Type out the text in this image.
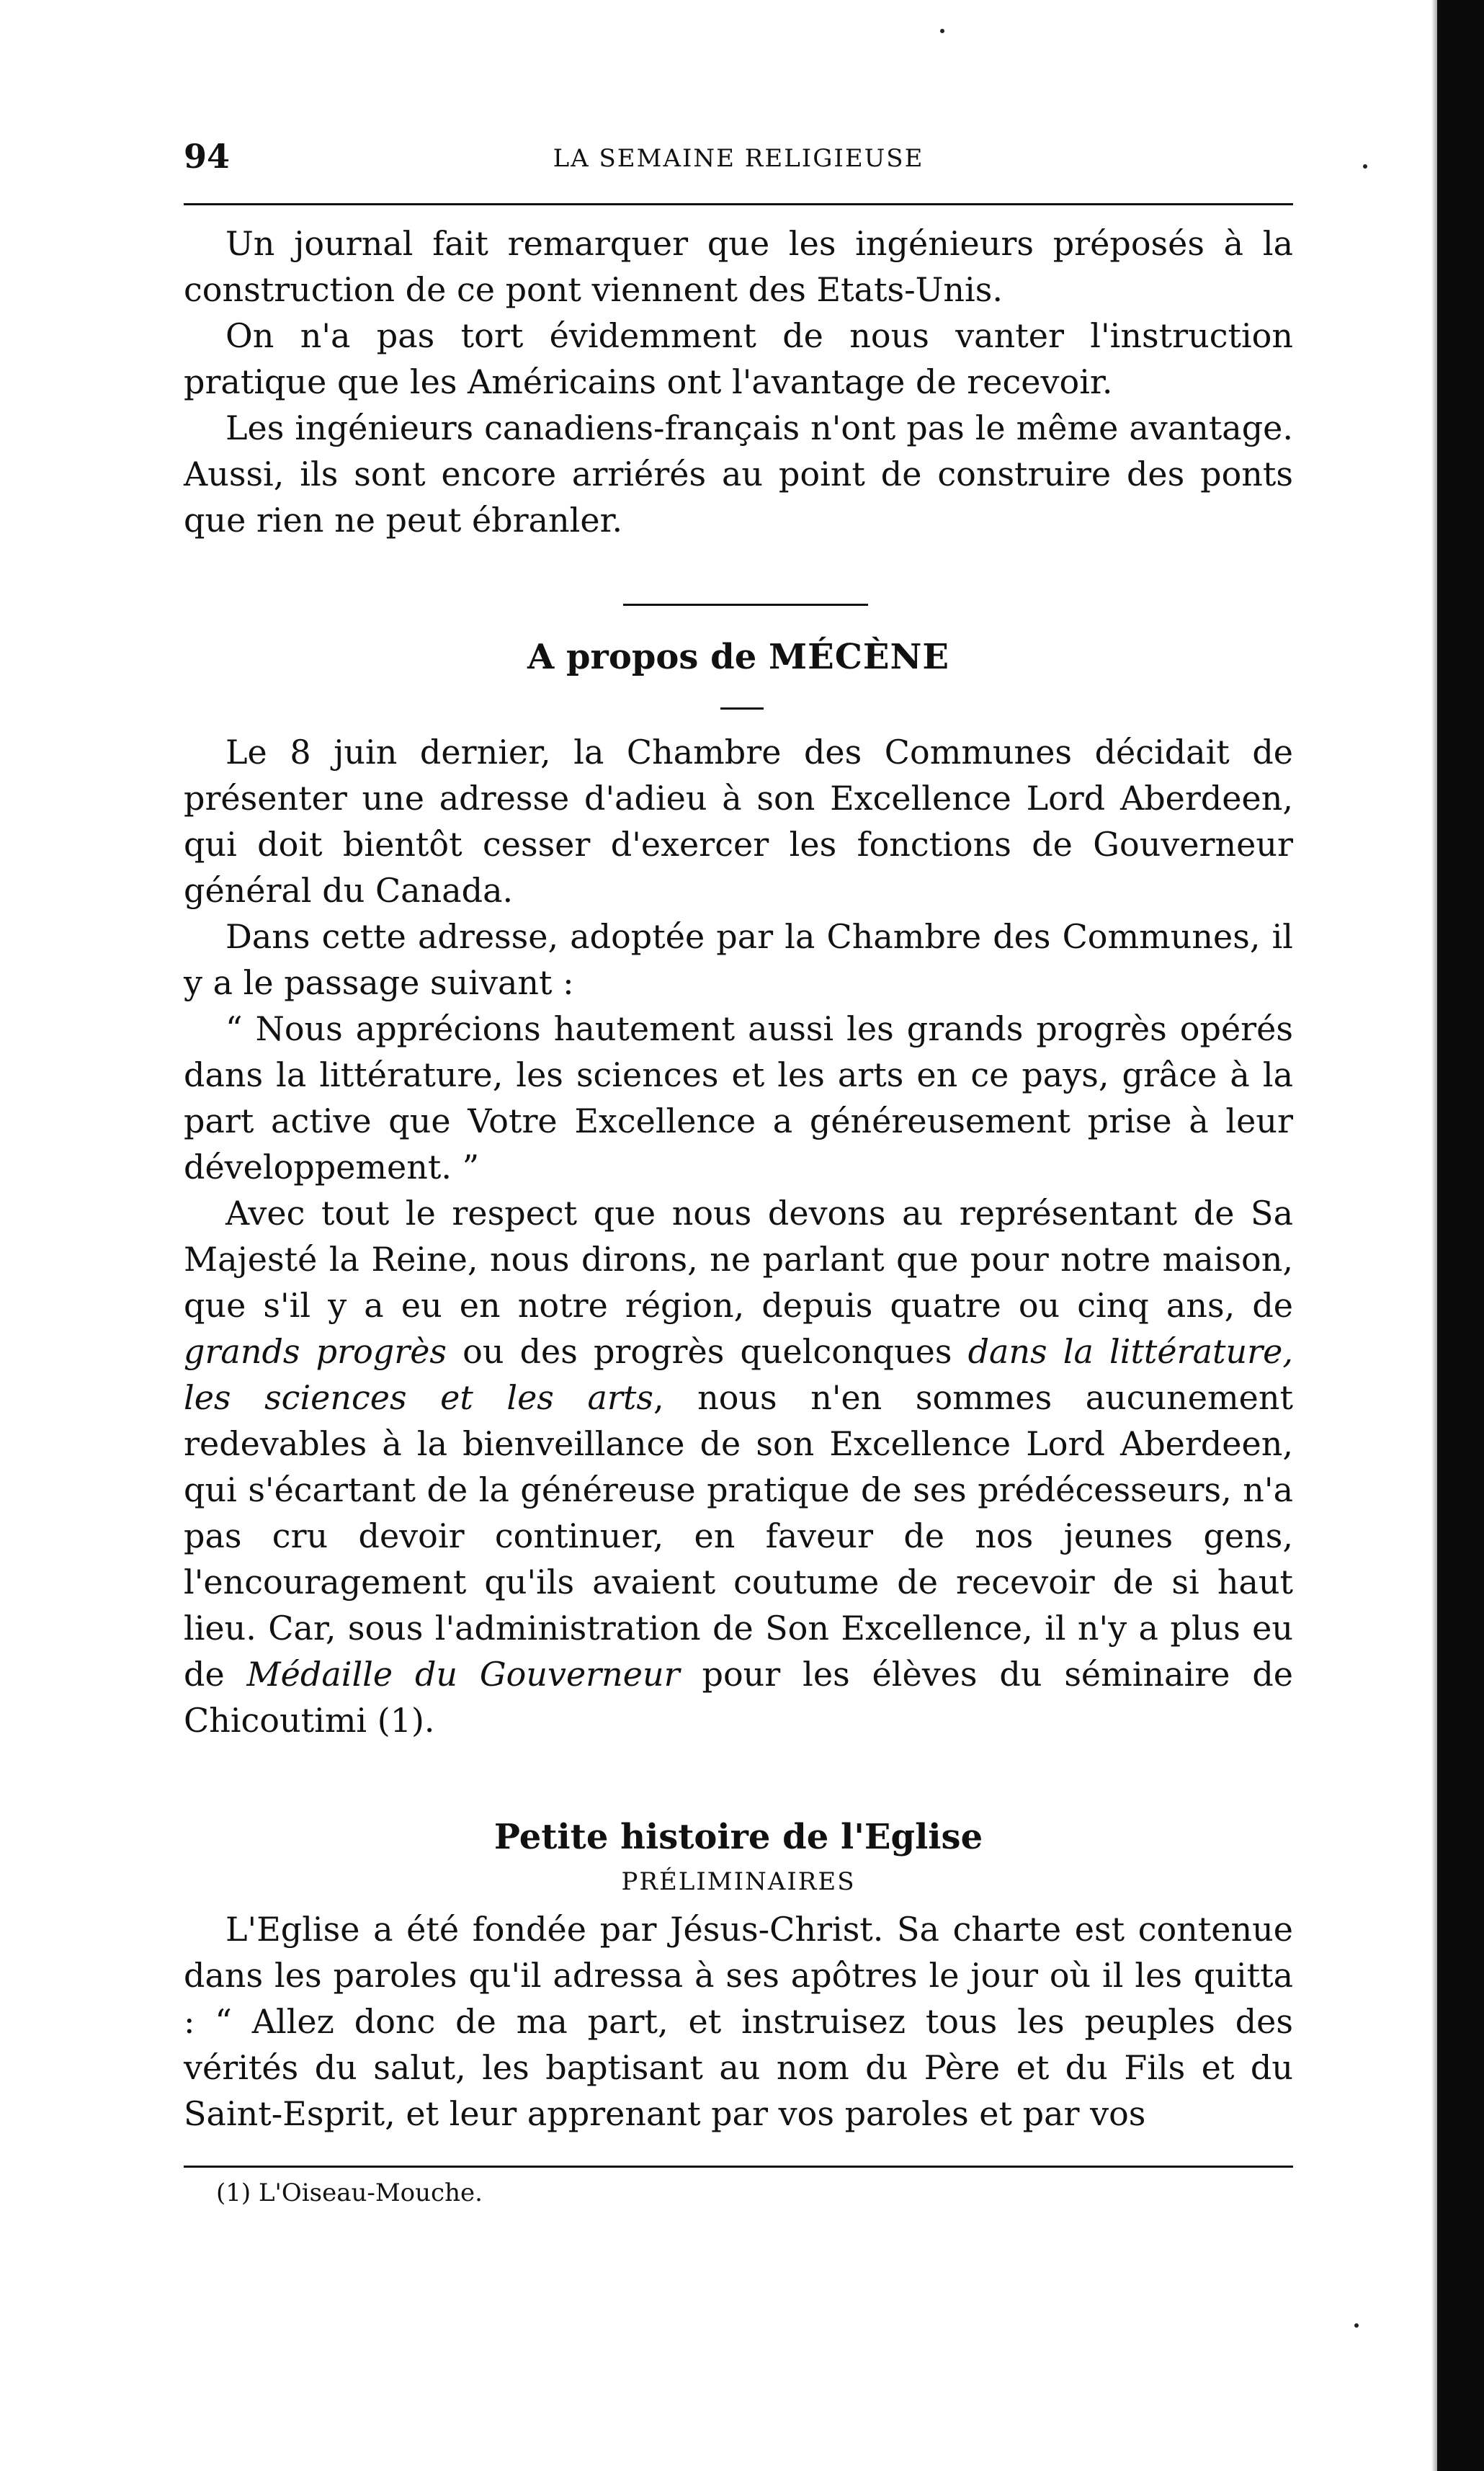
94	LA SEMAINE RELIGIEUSE

Un journal fait remarquer que les ingénieurs préposés à la construction de ce pont viennent des Etats-Unis.

On n'a pas tort évidemment de nous vanter l'instruction pratique que les Américains ont l'avantage de recevoir.

Les ingénieurs canadiens-français n'ont pas le même avantage. Aussi, ils sont encore arriérés au point de construire des ponts que rien ne peut ébranler.

A propos de MÉCÈNE

Le 8 juin dernier, la Chambre des Communes décidait de présenter une adresse d'adieu à son Excellence Lord Aberdeen, qui doit bientôt cesser d'exercer les fonctions de Gouverneur général du Canada.

Dans cette adresse, adoptée par la Chambre des Communes, il y a le passage suivant :

“ Nous apprécions hautement aussi les grands progrès opérés dans la littérature, les sciences et les arts en ce pays, grâce à la part active que Votre Excellence a généreusement prise à leur développement. ”

Avec tout le respect que nous devons au représentant de Sa Majesté la Reine, nous dirons, ne parlant que pour notre maison, que s'il y a eu en notre région, depuis quatre ou cinq ans, de grands progrès ou des progrès quelconques dans la littérature, les sciences et les arts, nous n'en sommes aucunement redevables à la bienveillance de son Excellence Lord Aberdeen, qui s'écartant de la généreuse pratique de ses prédécesseurs, n'a pas cru devoir continuer, en faveur de nos jeunes gens, l'encouragement qu'ils avaient coutume de recevoir de si haut lieu. Car, sous l'administration de Son Excellence, il n'y a plus eu de Médaille du Gouverneur pour les élèves du séminaire de Chicoutimi (1).

Petite histoire de l'Eglise
PRÉLIMINAIRES

L'Eglise a été fondée par Jésus-Christ. Sa charte est contenue dans les paroles qu'il adressa à ses apôtres le jour où il les quitta : “ Allez donc de ma part, et instruisez tous les peuples des vérités du salut, les baptisant au nom du Père et du Fils et du Saint-Esprit, et leur apprenant par vos paroles et par vos

(1) L'Oiseau-Mouche.
